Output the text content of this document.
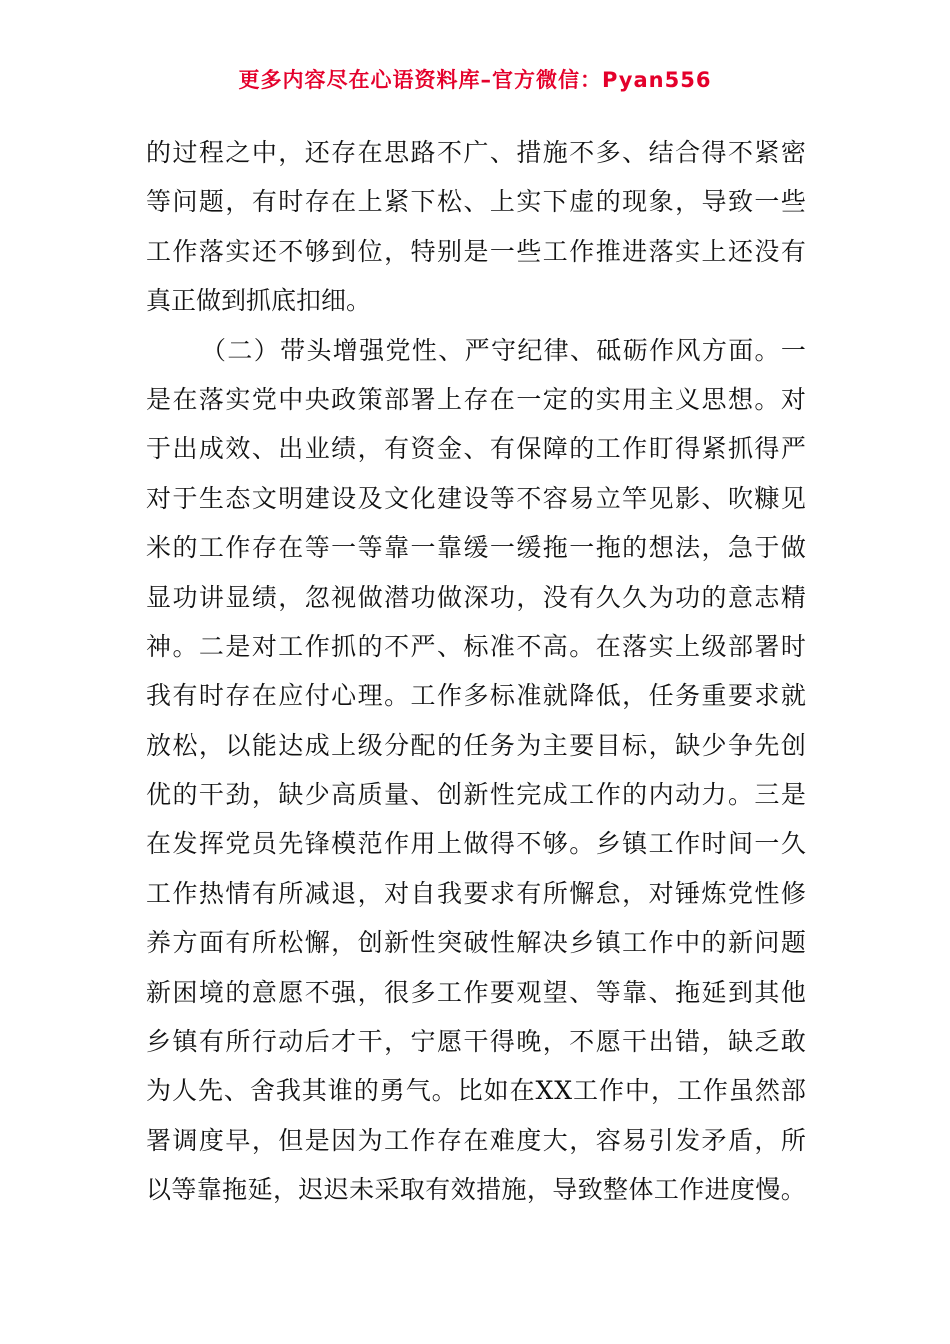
更多内容尽在心语资料库–官方微信：Pyan556
的 过 程 之 中 ， 还 存 在 思 路 不 广 、 措 施 不 多 、 结 合 得 不 紧 密
等 问 题 ， 有 时 存 在 上 紧 下 松 、 上 实 下 虚 的 现 象 ， 导 致 一 些
工 作 落 实 还 不 够 到 位 ， 特 别 是 一 些 工 作 推 进 落 实 上 还 没 有
真正做到抓底扣细。
（ 二 ） 带 头 增 强 党 性 、 严 守 纪 律 、 砥 砺 作 风 方 面 。 一
是 在 落 实 党 中 央 政 策 部 署 上 存 在 一 定 的 实 用 主 义 思 想 。 对
于 出 成 效 、 出 业 绩 ， 有 资 金 、 有 保 障 的 工 作 盯 得 紧 抓 得 严
对 于 生 态 文 明 建 设 及 文 化 建 设 等 不 容 易 立 竿 见 影 、 吹 糠 见
米 的 工 作 存 在 等 一 等 靠 一 靠 缓 一 缓 拖 一 拖 的 想 法 ， 急 于 做
显 功 讲 显 绩 ， 忽 视 做 潜 功 做 深 功 ， 没 有 久 久 为 功 的 意 志 精
神 。 二 是 对 工 作 抓 的 不 严 、 标 准 不 高 。 在 落 实 上 级 部 署 时
我 有 时 存 在 应 付 心 理 。 工 作 多 标 准 就 降 低 ， 任 务 重 要 求 就
放 松 ， 以 能 达 成 上 级 分 配 的 任 务 为 主 要 目 标 ， 缺 少 争 先 创
优 的 干 劲 ， 缺 少 高 质 量 、 创 新 性 完 成 工 作 的 内 动 力 。 三 是
在 发 挥 党 员 先 锋 模 范 作 用 上 做 得 不 够 。 乡 镇 工 作 时 间 一 久
工 作 热 情 有 所 减 退 ， 对 自 我 要 求 有 所 懈 怠 ， 对 锤 炼 党 性 修
养 方 面 有 所 松 懈 ， 创 新 性 突 破 性 解 决 乡 镇 工 作 中 的 新 问 题
新 困 境 的 意 愿 不 强 ， 很 多 工 作 要 观 望 、 等 靠 、 拖 延 到 其 他
乡 镇 有 所 行 动 后 才 干 ， 宁 愿 干 得 晚 ， 不 愿 干 出 错 ， 缺 乏 敢
为 人 先 、 舍 我 其 谁 的 勇 气 。 比 如 在 X X 工 作 中 ， 工 作 虽 然 部
署 调 度 早 ， 但 是 因 为 工 作 存 在 难 度 大 ， 容 易 引 发 矛 盾 ， 所
以 等 靠 拖 延 ， 迟 迟 未 采 取 有 效 措 施 ， 导 致 整 体 工 作 进 度 慢 。
